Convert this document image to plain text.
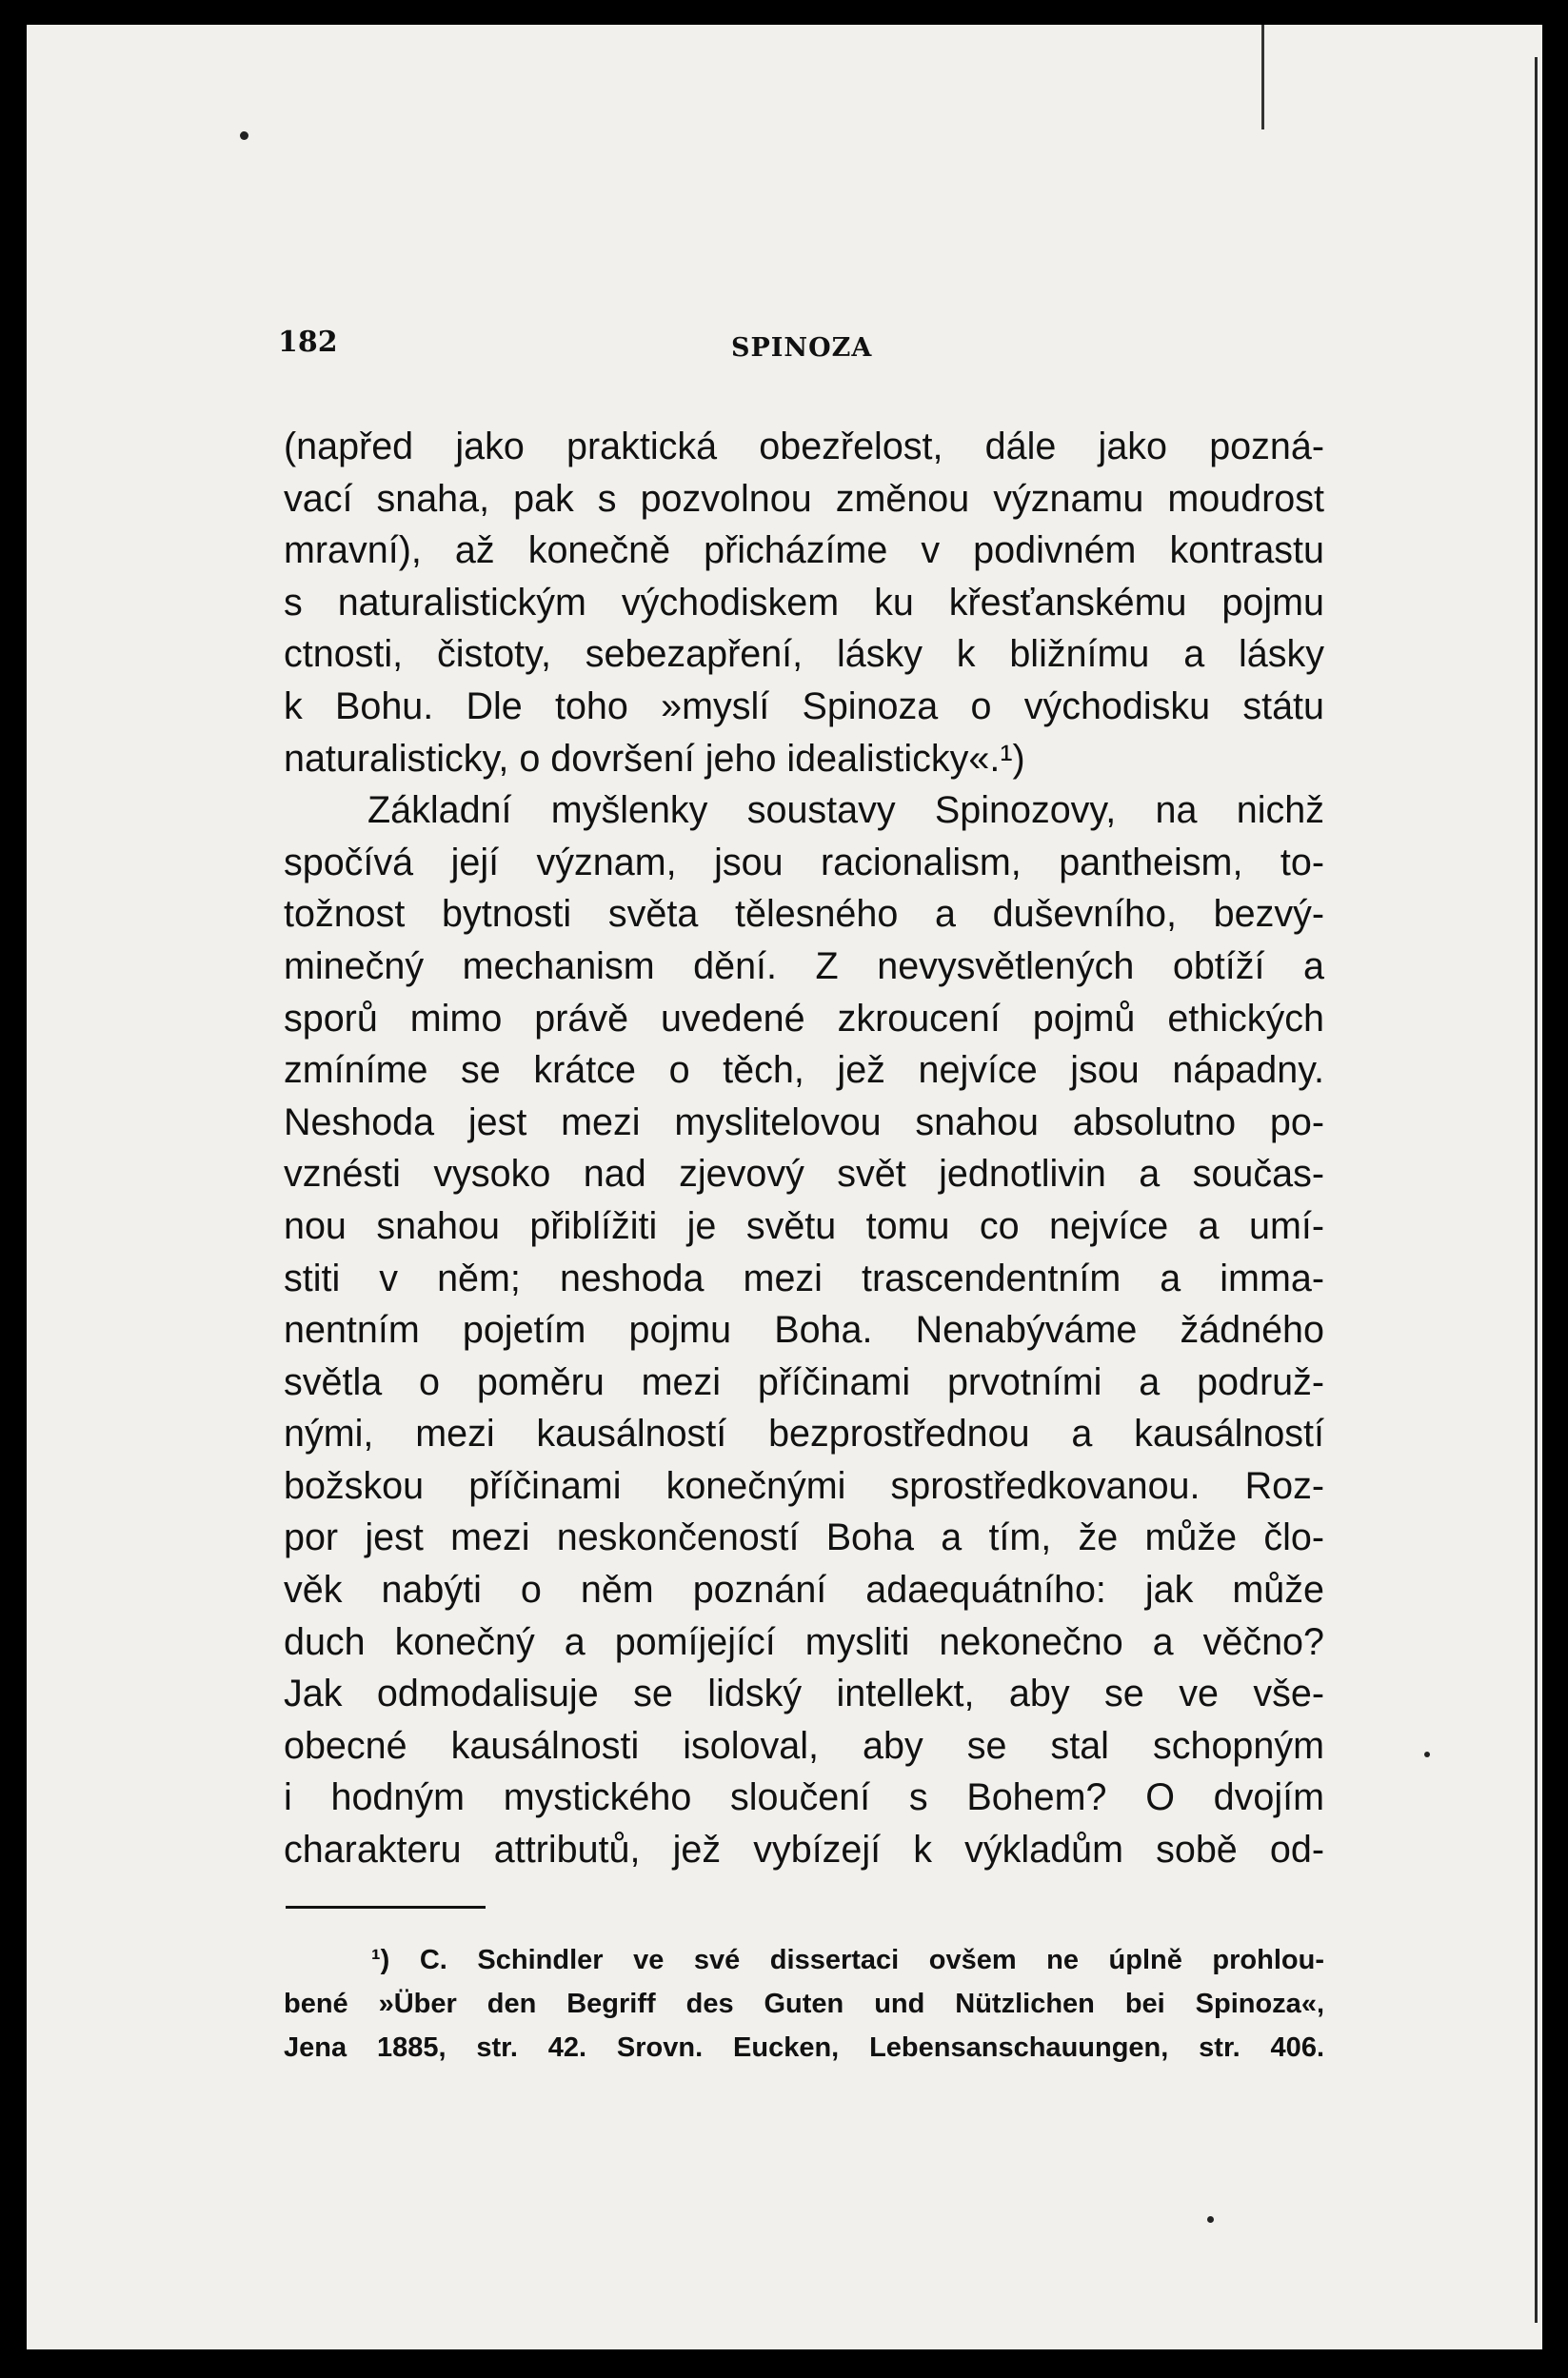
182	SPINOZA
(napřed jako praktická obezřelost, dále jako pozná-
vací snaha, pak s pozvolnou změnou významu moudrost
mravní), až konečně přicházíme v podivném kontrastu
s naturalistickým východiskem ku křesťanskému pojmu
ctnosti, čistoty, sebezapření, lásky k bližnímu a lásky
k Bohu. Dle toho »myslí Spinoza o východisku státu
naturalisticky, o dovršení jeho idealisticky«.¹)
Základní myšlenky soustavy Spinozovy, na nichž
spočívá její význam, jsou racionalism, pantheism, to-
tožnost bytnosti světa tělesného a duševního, bezvý-
minečný mechanism dění. Z nevysvětlených obtíží a
sporů mimo právě uvedené zkroucení pojmů ethických
zmíníme se krátce o těch, jež nejvíce jsou nápadny.
Neshoda jest mezi myslitelovou snahou absolutno po-
vznésti vysoko nad zjevový svět jednotlivin a součas-
nou snahou přiblížiti je světu tomu co nejvíce a umí-
stiti v něm; neshoda mezi trascendentním a imma-
nentním pojetím pojmu Boha. Nenabýváme žádného
světla o poměru mezi příčinami prvotními a podruž-
nými, mezi kausálností bezprostřednou a kausálností
božskou příčinami konečnými sprostředkovanou. Roz-
por jest mezi neskončeností Boha a tím, že může člo-
věk nabýti o něm poznání adaequátního: jak může
duch konečný a pomíjející mysliti nekonečno a věčno?
Jak odmodalisuje se lidský intellekt, aby se ve vše-
obecné kausálnosti isoloval, aby se stal schopným
i hodným mystického sloučení s Bohem? O dvojím
charakteru attributů, jež vybízejí k výkladům sobě od-
¹) C. Schindler ve své dissertaci ovšem ne úplně prohlou-
bené »Über den Begriff des Guten und Nützlichen bei Spinoza«,
Jena 1885, str. 42. Srovn. Eucken, Lebensanschauungen, str. 406.
